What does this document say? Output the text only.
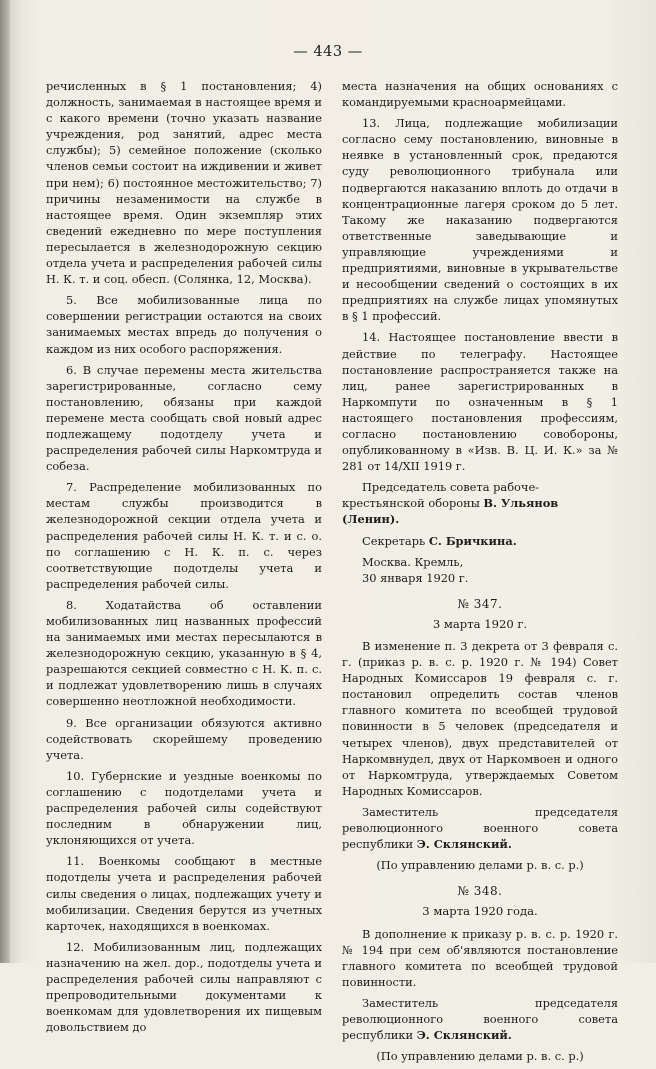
— 443 —

речисленных в § 1 постановления; 4) должность, занимаемая в настоящее время и с какого времени (точно указать название учреждения, род занятий, адрес места службы); 5) семейное положение (сколько членов семьи состоит на иждивении и живет при нем); 6) постоянное местожительство; 7) причины незаменимости на службе в настоящее время. Один экземпляр этих сведений ежедневно по мере поступления пересылается в железнодорожную секцию отдела учета и распределения рабочей силы Н. К. т. и соц. обесп. (Солянка, 12, Москва).

5. Все мобилизованные лица по совершении регистрации остаются на своих занимаемых местах впредь до получения о каждом из них особого распоряжения.

6. В случае перемены места жительства зарегистрированные, согласно сему постановлению, обязаны при каждой перемене места сообщать свой новый адрес подлежащему подотделу учета и распределения рабочей силы Наркомтруда и собеза.

7. Распределение мобилизованных по местам службы производится в железнодорожной секции отдела учета и распределения рабочей силы Н. К. т. и с. о. по соглашению с Н. К. п. с. через соответствующие подотделы учета и распределения рабочей силы.

8. Ходатайства об оставлении мобилизованных лиц названных профессий на занимаемых ими местах пересылаются в железнодорожную секцию, указанную в § 4, разрешаются секцией совместно с Н. К. п. с. и подлежат удовлетворению лишь в случаях совершенно неотложной необходимости.

9. Все организации обязуются активно содействовать скорейшему проведению учета.

10. Губернские и уездные военкомы по соглашению с подотделами учета и распределения рабочей силы содействуют последним в обнаружении лиц, уклоняющихся от учета.

11. Военкомы сообщают в местные подотделы учета и распределения рабочей силы сведения о лицах, подлежащих учету и мобилизации. Сведения берутся из учетных карточек, находящихся в военкомах.

12. Мобилизованным лиц, подлежащих назначению на жел. дор., подотделы учета и распределения рабочей силы направляют с препроводительными документами к военкомам для удовлетворения их пищевым довольствием до

места назначения на общих основаниях с командируемыми красноармейцами.

13. Лица, подлежащие мобилизации согласно сему постановлению, виновные в неявке в установленный срок, предаются суду революционного трибунала или подвергаются наказанию вплоть до отдачи в концентрационные лагеря сроком до 5 лет. Такому же наказанию подвергаются ответственные заведывающие и управляющие учреждениями и предприятиями, виновные в укрывательстве и несообщении сведений о состоящих в их предприятиях на службе лицах упомянутых в § 1 профессий.

14. Настоящее постановление ввести в действие по телеграфу. Настоящее постановление распространяется также на лиц, ранее зарегистрированных в Наркомпути по означенным в § 1 настоящего постановления профессиям, согласно постановлению совобороны, опубликованному в «Изв. В. Ц. И. К.» за № 281 от 14/XII 1919 г.

Председатель совета рабоче-крестьянской обороны В. Ульянов (Ленин).

Секретарь С. Бричкина.

Москва. Кремль,

30 января 1920 г.

№ 347.
3 марта 1920 г.

В изменение п. 3 декрета от 3 февраля с. г. (приказ р. в. с. р. 1920 г. № 194) Совет Народных Комиссаров 19 февраля с. г. постановил определить состав членов главного комитета по всеобщей трудовой повинности в 5 человек (председателя и четырех членов), двух представителей от Наркомвнудел, двух от Наркомвоен и одного от Наркомтруда, утверждаемых Советом Народных Комиссаров.

Заместитель председателя революционного военного совета республики Э. Склянский.

(По управлению делами р. в. с. р.)

№ 348.
3 марта 1920 года.

В дополнение к приказу р. в. с. р. 1920 г. № 194 при сем об'являются постановление главного комитета по всеобщей трудовой повинности.

Заместитель председателя революционного военного совета республики Э. Склянский.

(По управлению делами р. в. с. р.)
